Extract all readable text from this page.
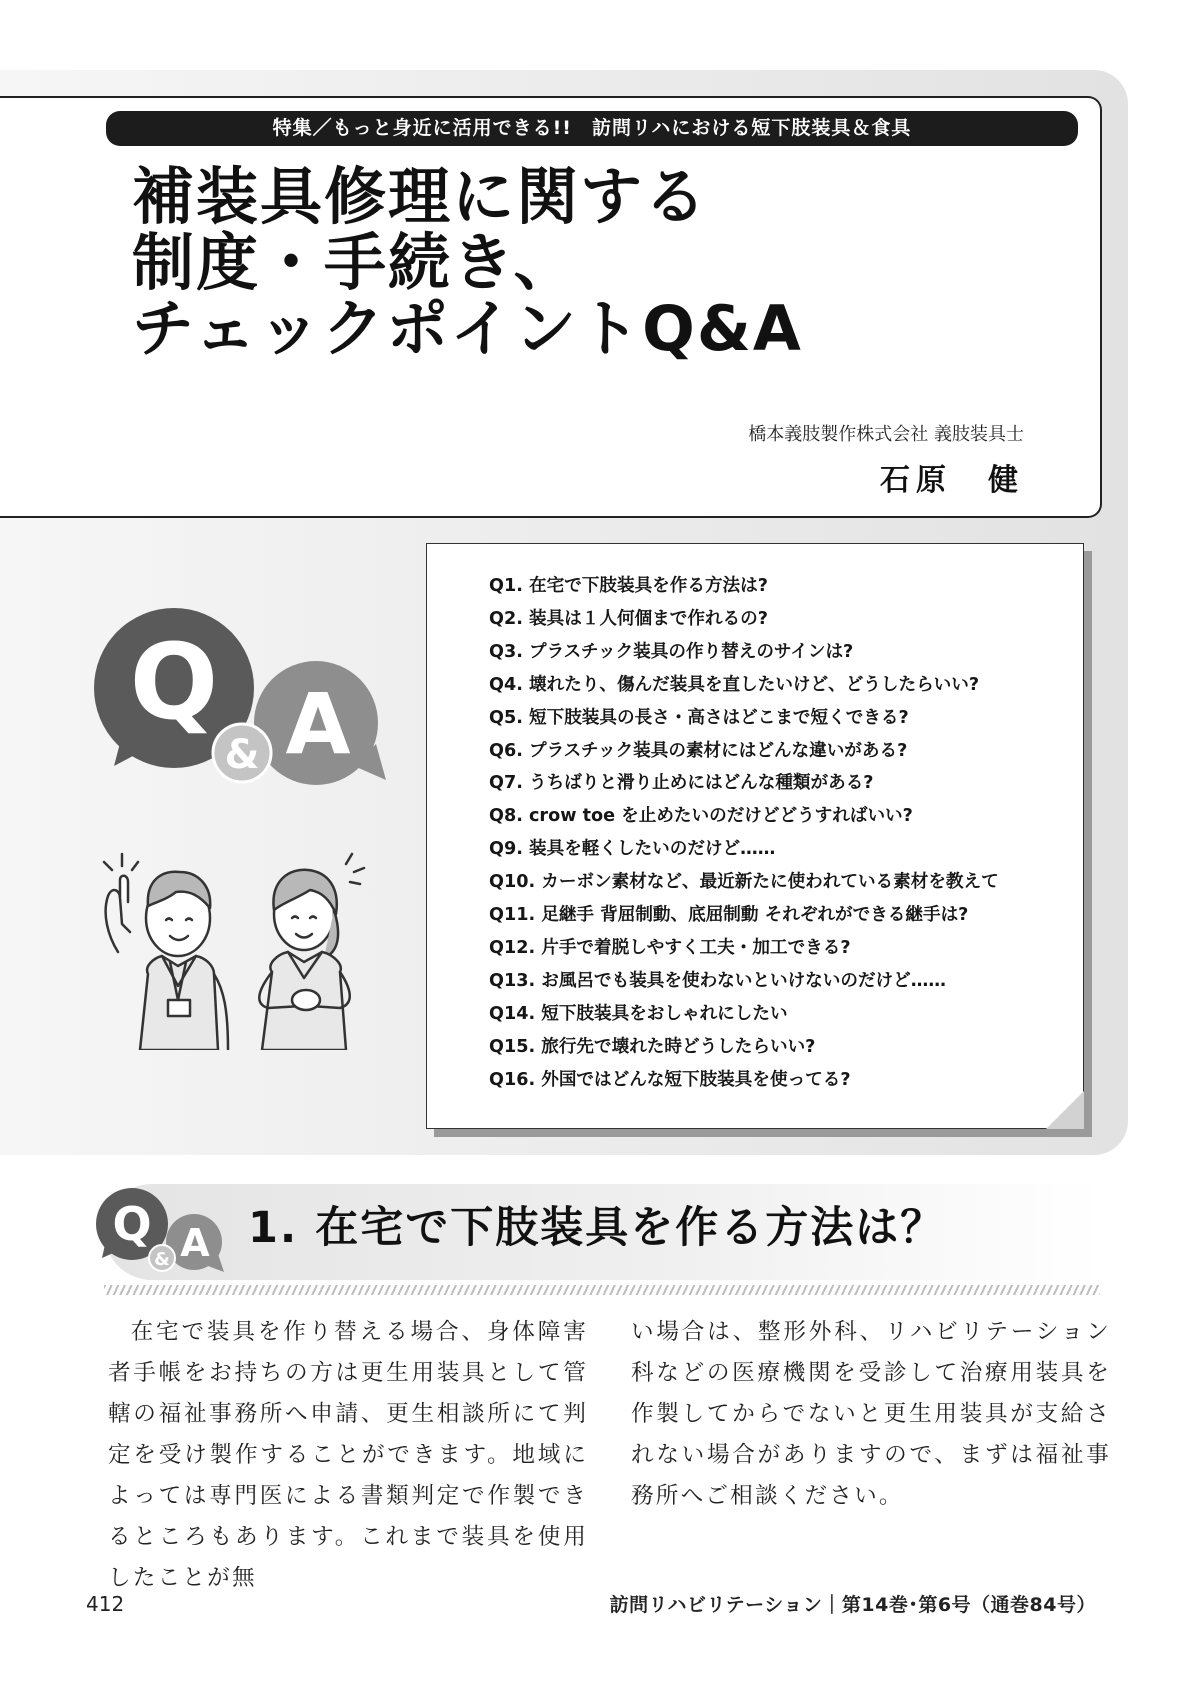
特集／もっと身近に活用できる!!　訪問リハにおける短下肢装具＆食具
補装具修理に関する
制度・手続き、
チェックポイントQ&A
橋本義肢製作株式会社 義肢装具士
石原　健
Q A
&
Q1. 在宅で下肢装具を作る方法は?
Q2. 装具は１人何個まで作れるの?
Q3. プラスチック装具の作り替えのサインは?
Q4. 壊れたり、傷んだ装具を直したいけど、どうしたらいい?
Q5. 短下肢装具の長さ・高さはどこまで短くできる?
Q6. プラスチック装具の素材にはどんな違いがある?
Q7. うちばりと滑り止めにはどんな種類がある?
Q8. crow toe を止めたいのだけどどうすればいい?
Q9. 装具を軽くしたいのだけど……
Q10. カーボン素材など、最近新たに使われている素材を教えて
Q11. 足継手 背屈制動、底屈制動 それぞれができる継手は?
Q12. 片手で着脱しやすく工夫・加工できる?
Q13. お風呂でも装具を使わないといけないのだけど……
Q14. 短下肢装具をおしゃれにしたい
Q15. 旅行先で壊れた時どうしたらいい?
Q16. 外国ではどんな短下肢装具を使ってる?
Q A
&
1. 在宅で下肢装具を作る方法は？

在宅で装具を作り替える場合、身体障害者手帳をお持ちの方は更生用装具として管轄の福祉事務所へ申請、更生相談所にて判定を受け製作することができます。地域によっては専門医による書類判定で作製できるところもあります。これまで装具を使用したことが無

い場合は、整形外科、リハビリテーション科などの医療機関を受診して治療用装具を作製してからでないと更生用装具が支給されない場合がありますので、まずは福祉事務所へご相談ください。

412	訪問リハビリテーション｜第14巻･第6号（通巻84号）
